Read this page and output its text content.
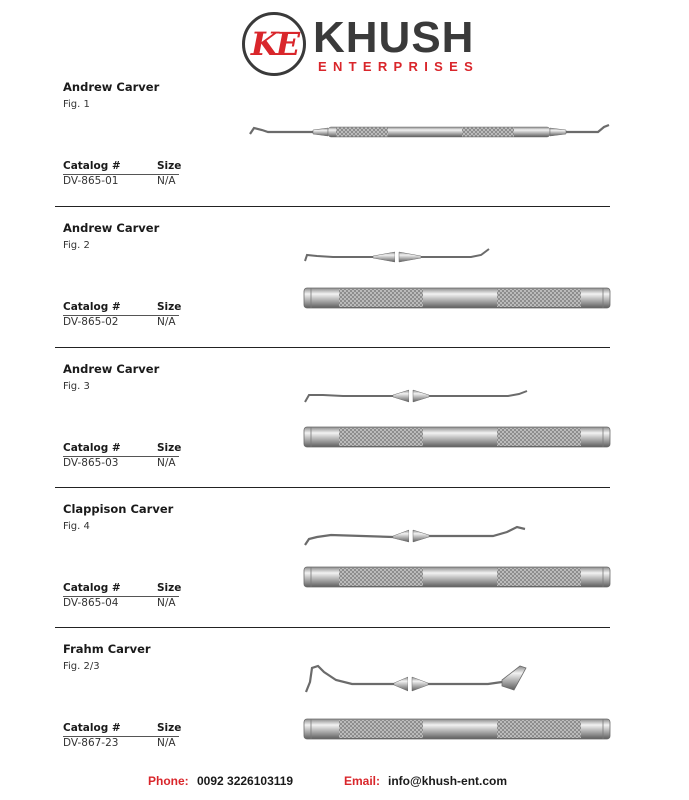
KE KHUSH
ENTERPRISES
Andrew Carver
Fig. 1
Catalog #	Size
DV-865-01	N/A
Andrew Carver
Fig. 2
Catalog #	Size
DV-865-02	N/A
Andrew Carver
Fig. 3
Catalog #	Size
DV-865-03	N/A
Clappison Carver
Fig. 4
Catalog #	Size
DV-865-04	N/A
Frahm Carver
Fig. 2/3
Catalog #	Size
DV-867-23	N/A
Phone: 0092 3226103119	Email: info@khush-ent.com
